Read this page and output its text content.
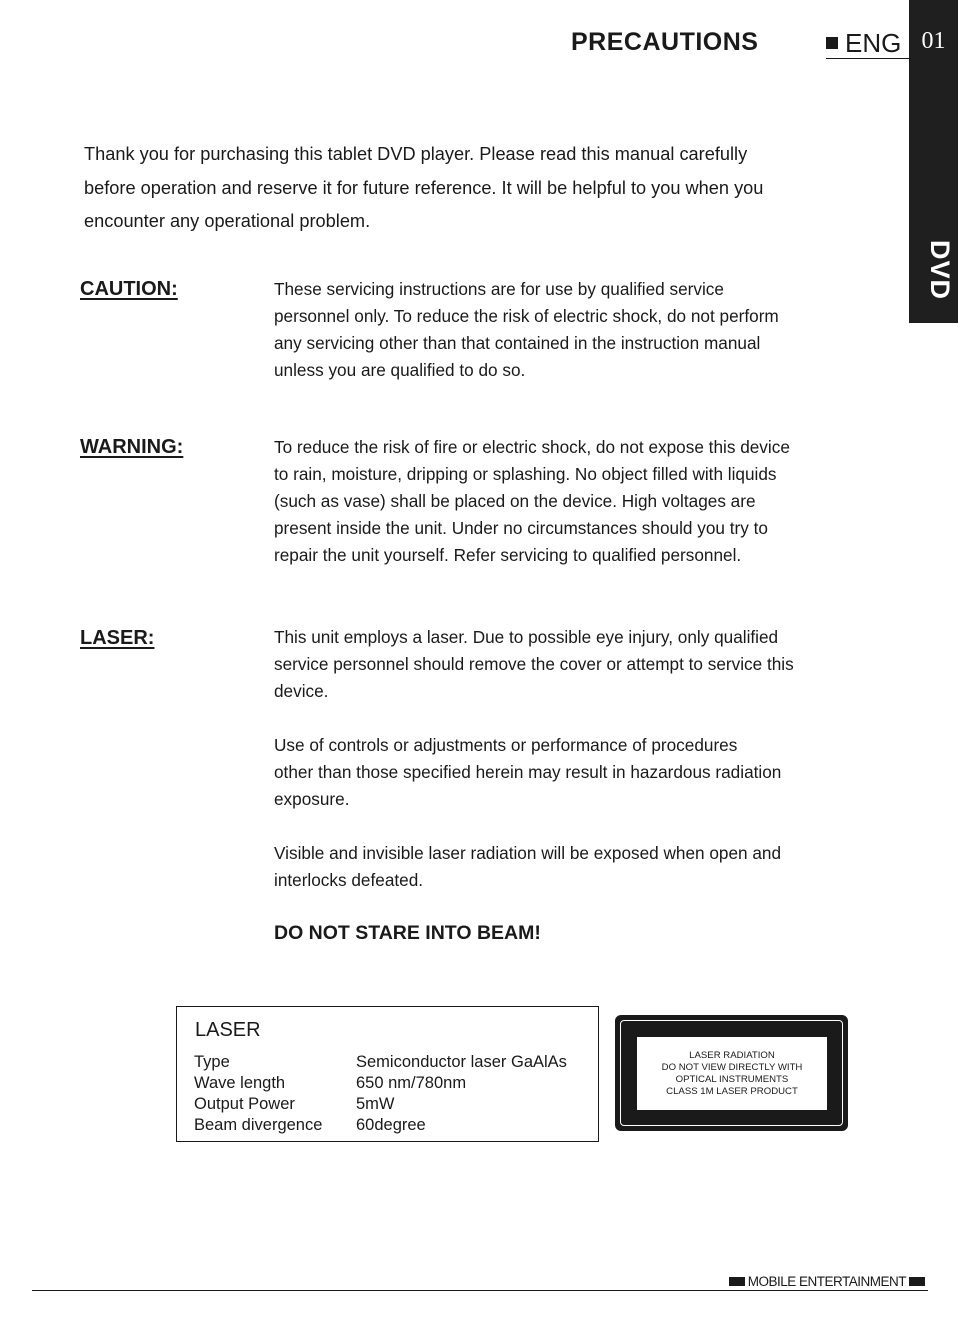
PRECAUTIONS	ENG 01
DVD
Thank you for purchasing this tablet DVD player. Please read this manual carefully
before operation and reserve it for future reference. It will be helpful to you when you
encounter any operational problem.
CAUTION:	These servicing instructions are for use by qualified service
personnel only. To reduce the risk of electric shock, do not perform
any servicing other than that contained in the instruction manual
unless you are qualified to do so.
WARNING:	To reduce the risk of fire or electric shock, do not expose this device
to rain, moisture, dripping or splashing. No object filled with liquids
(such as vase) shall be placed on the device. High voltages are
present inside the unit. Under no circumstances should you try to
repair the unit yourself. Refer servicing to qualified personnel.
LASER:	This unit employs a laser. Due to possible eye injury, only qualified
service personnel should remove the cover or attempt to service this
device.
Use of controls or adjustments or performance of procedures
other than those specified herein may result in hazardous radiation
exposure.
Visible and invisible laser radiation will be exposed when open and
interlocks defeated.
DO NOT STARE INTO BEAM!
LASER
Type	Semiconductor laser GaAlAs
Wave length	650 nm/780nm
Output Power	5mW
Beam divergence 60degree
LASER RADIATION
DO NOT VIEW DIRECTLY WITH
OPTICAL INSTRUMENTS
CLASS 1M LASER PRODUCT
MOBILE ENTERTAINMENT
